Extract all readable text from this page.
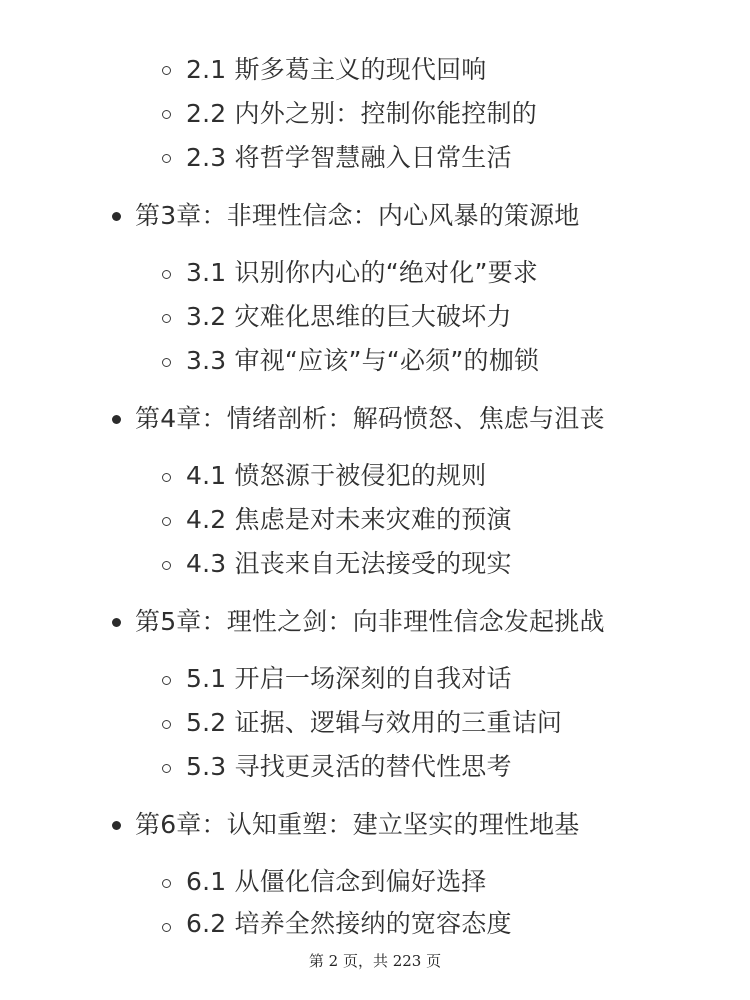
2.1 斯多葛主义的现代回响
2.2 内外之别：控制你能控制的
2.3 将哲学智慧融入日常生活
第3章：非理性信念：内心风暴的策源地
3.1 识别你内心的“绝对化”要求
3.2 灾难化思维的巨大破坏力
3.3 审视“应该”与“必须”的枷锁
第4章：情绪剖析：解码愤怒、焦虑与沮丧
4.1 愤怒源于被侵犯的规则
4.2 焦虑是对未来灾难的预演
4.3 沮丧来自无法接受的现实
第5章：理性之剑：向非理性信念发起挑战
5.1 开启一场深刻的自我对话
5.2 证据、逻辑与效用的三重诘问
5.3 寻找更灵活的替代性思考
第6章：认知重塑：建立坚实的理性地基
6.1 从僵化信念到偏好选择
6.2 培养全然接纳的宽容态度
第 2 页，共 223 页
